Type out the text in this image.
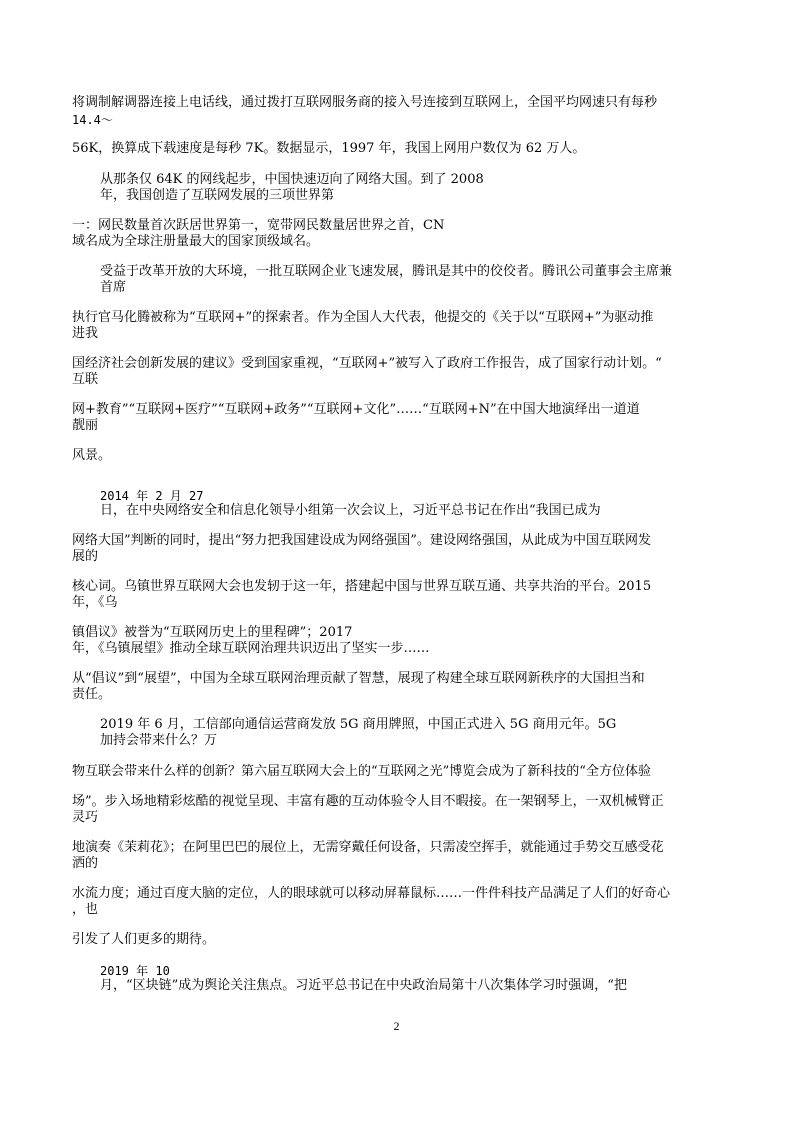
将调制解调器连接上电话线，通过拨打互联网服务商的接入号连接到互联网上，全国平均网速只有每秒
14.4～
56K，换算成下载速度是每秒 7K。数据显示，1997 年，我国上网用户数仅为 62 万人。
从那条仅 64K 的网线起步，中国快速迈向了网络大国。到了 2008
年，我国创造了互联网发展的三项世界第
一：网民数量首次跃居世界第一，宽带网民数量居世界之首，CN
域名成为全球注册量最大的国家顶级域名。
受益于改革开放的大环境，一批互联网企业飞速发展，腾讯是其中的佼佼者。腾讯公司董事会主席兼
首席
执行官马化腾被称为“互联网+”的探索者。作为全国人大代表，他提交的《关于以“互联网+”为驱动推
进我
国经济社会创新发展的建议》受到国家重视，“互联网+”被写入了政府工作报告，成了国家行动计划。“
互联
网+教育”“互联网+医疗”“互联网+政务”“互联网+文化”……“互联网+N”在中国大地演绎出一道道
靓丽
风景。
2014 年 2 月 27
日，在中央网络安全和信息化领导小组第一次会议上，习近平总书记在作出“我国已成为
网络大国”判断的同时，提出“努力把我国建设成为网络强国”。建设网络强国，从此成为中国互联网发
展的
核心词。乌镇世界互联网大会也发轫于这一年，搭建起中国与世界互联互通、共享共治的平台。2015
年，《乌
镇倡议》被誉为“互联网历史上的里程碑”；2017
年，《乌镇展望》推动全球互联网治理共识迈出了坚实一步……
从“倡议”到“展望”，中国为全球互联网治理贡献了智慧，展现了构建全球互联网新秩序的大国担当和
责任。
2019 年 6 月，工信部向通信运营商发放 5G 商用牌照，中国正式进入 5G 商用元年。5G
加持会带来什么？万
物互联会带来什么样的创新？第六届互联网大会上的“互联网之光”博览会成为了新科技的“全方位体验
场”。步入场地精彩炫酷的视觉呈现、丰富有趣的互动体验令人目不暇接。在一架钢琴上，一双机械臂正
灵巧
地演奏《茉莉花》；在阿里巴巴的展位上，无需穿戴任何设备，只需凌空挥手，就能通过手势交互感受花
洒的
水流力度；通过百度大脑的定位，人的眼球就可以移动屏幕鼠标……一件件科技产品满足了人们的好奇心
，也
引发了人们更多的期待。
2019 年 10
月，“区块链”成为舆论关注焦点。习近平总书记在中央政治局第十八次集体学习时强调，“把
2
